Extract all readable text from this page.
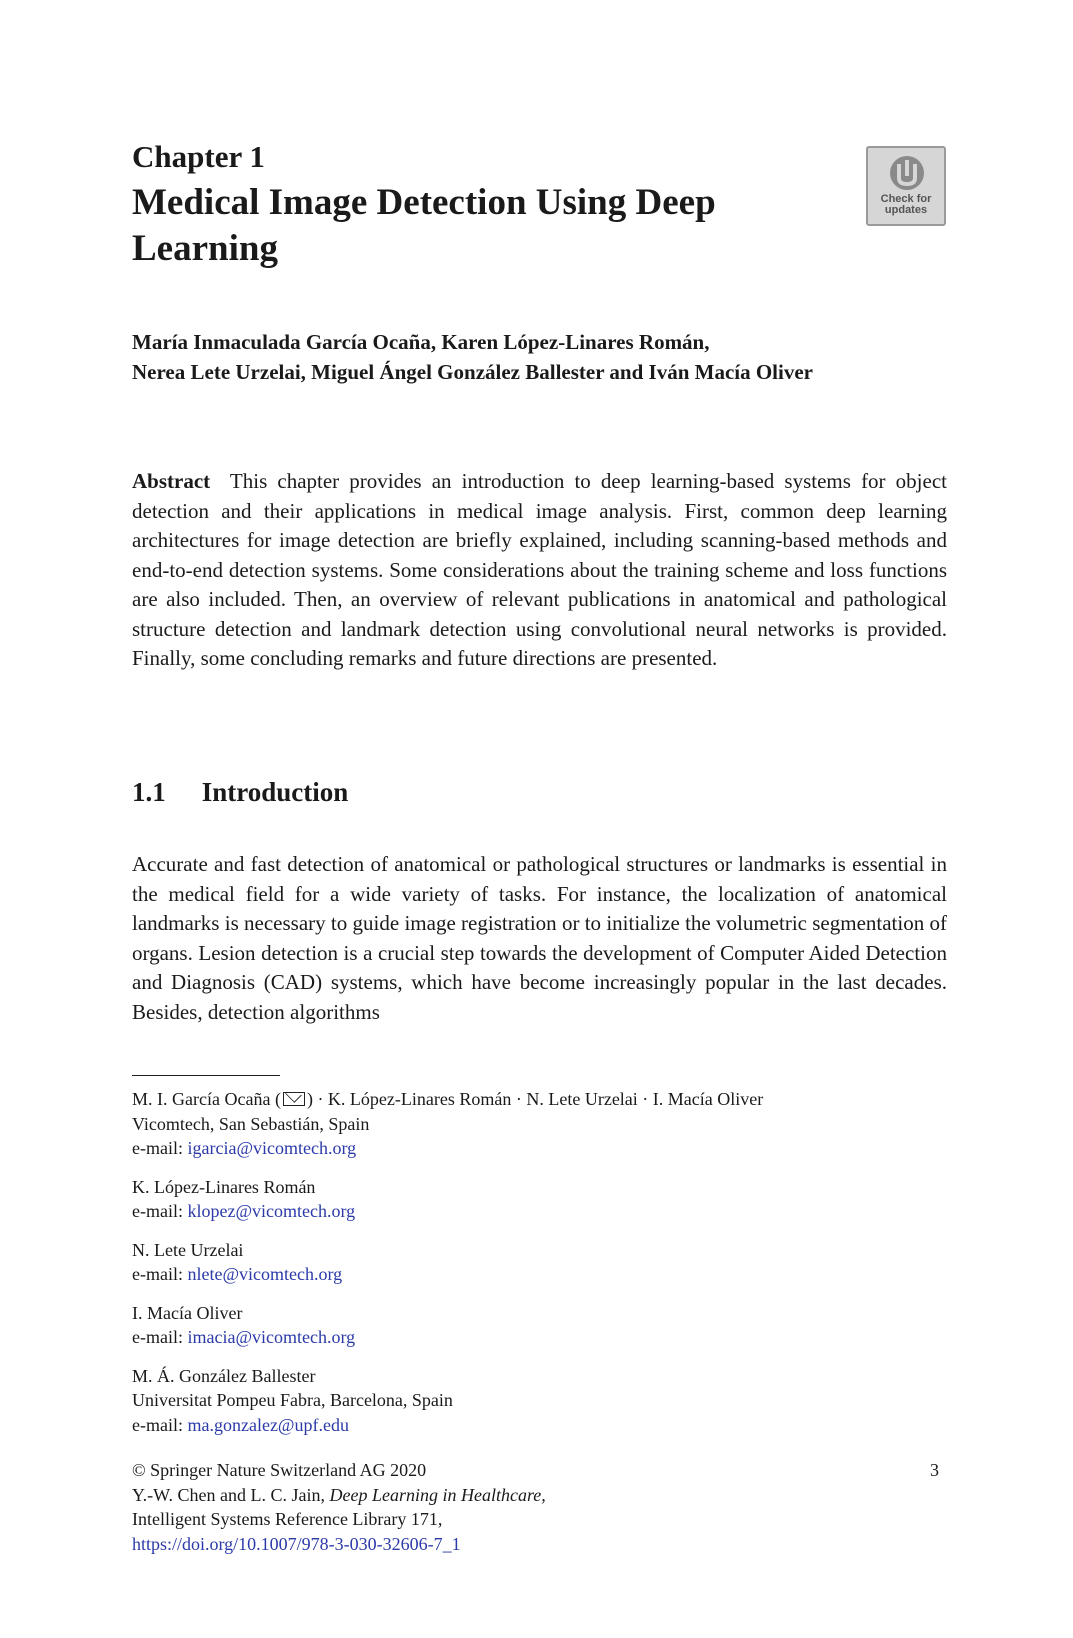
Chapter 1
Medical Image Detection Using Deep Learning
Check for
updates
María Inmaculada García Ocaña, Karen López-Linares Román,
Nerea Lete Urzelai, Miguel Ángel González Ballester and Iván Macía Oliver
Abstract This chapter provides an introduction to deep learning-based systems for object detection and their applications in medical image analysis. First, common deep learning architectures for image detection are briefly explained, including scanning-based methods and end-to-end detection systems. Some considerations about the training scheme and loss functions are also included. Then, an overview of relevant publications in anatomical and pathological structure detection and landmark detection using convolutional neural networks is provided. Finally, some concluding remarks and future directions are presented.
1.1 Introduction
Accurate and fast detection of anatomical or pathological structures or landmarks is essential in the medical field for a wide variety of tasks. For instance, the localization of anatomical landmarks is necessary to guide image registration or to initialize the volumetric segmentation of organs. Lesion detection is a crucial step towards the development of Computer Aided Detection and Diagnosis (CAD) systems, which have become increasingly popular in the last decades. Besides, detection algorithms
M. I. García Ocaña ( ) · K. López-Linares Román · N. Lete Urzelai · I. Macía Oliver
Vicomtech, San Sebastián, Spain
e-mail: igarcia@vicomtech.org
K. López-Linares Román
e-mail: klopez@vicomtech.org
N. Lete Urzelai
e-mail: nlete@vicomtech.org
I. Macía Oliver
e-mail: imacia@vicomtech.org
M. Á. González Ballester
Universitat Pompeu Fabra, Barcelona, Spain
e-mail: ma.gonzalez@upf.edu
© Springer Nature Switzerland AG 2020
Y.-W. Chen and L. C. Jain, Deep Learning in Healthcare,
Intelligent Systems Reference Library 171,
https://doi.org/10.1007/978-3-030-32606-7_1
3
